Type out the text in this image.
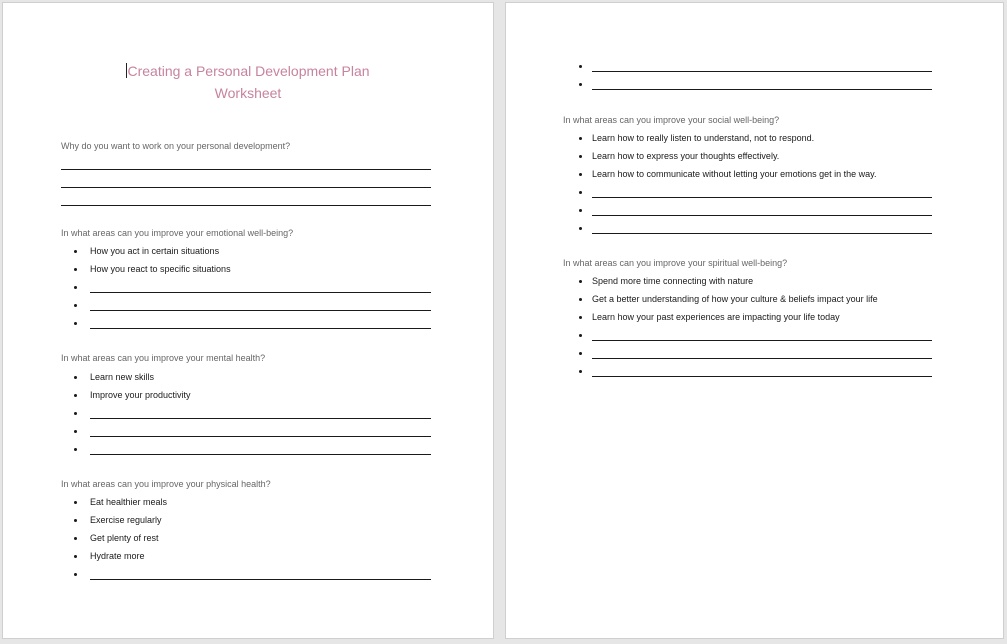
Creating a Personal Development Plan
Worksheet
Why do you want to work on your personal development?
In what areas can you improve your emotional well-being?
How you act in certain situations
How you react to specific situations
In what areas can you improve your mental health?
Learn new skills
Improve your productivity
In what areas can you improve your physical health?
Eat healthier meals
Exercise regularly
Get plenty of rest
Hydrate more
In what areas can you improve your social well-being?
Learn how to really listen to understand, not to respond.
Learn how to express your thoughts effectively.
Learn how to communicate without letting your emotions get in the way.
In what areas can you improve your spiritual well-being?
Spend more time connecting with nature
Get a better understanding of how your culture & beliefs impact your life
Learn how your past experiences are impacting your life today
